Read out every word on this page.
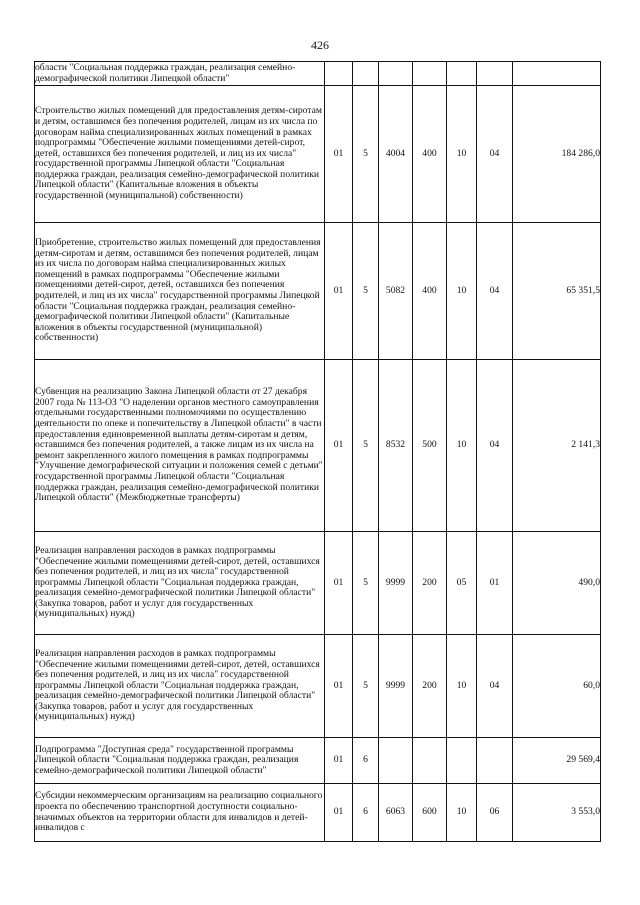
426
области "Социальная поддержка граждан, реализация семейно-демографической политики Липецкой области"							
Строительство жилых помещений для предоставления детям-сиротам и детям, оставшимся без попечения родителей, лицам из их числа по договорам найма специализированных жилых помещений в рамках подпрограммы "Обеспечение жилыми помещениями детей-сирот, детей, оставшихся без попечения родителей, и лиц из их числа" государственной программы Липецкой области "Социальная поддержка граждан, реализация семейно-демографической политики Липецкой области" (Капитальные вложения в объекты государственной (муниципальной) собственности)	01	5	4004	400	10	04	184 286,0
Приобретение, строительство жилых помещений для предоставления детям-сиротам и детям, оставшимся без попечения родителей, лицам из их числа по договорам найма специализированных жилых помещений в рамках подпрограммы "Обеспечение жилыми помещениями детей-сирот, детей, оставшихся без попечения родителей, и лиц из их числа" государственной программы Липецкой области "Социальная поддержка граждан, реализация семейно-демографической политики Липецкой области" (Капитальные вложения в объекты государственной (муниципальной) собственности)	01	5	5082	400	10	04	65 351,5
Субвенция на реализацию Закона Липецкой области от 27 декабря 2007 года № 113-ОЗ "О наделении органов местного самоуправления отдельными государственными полномочиями по осуществлению деятельности по опеке и попечительству в Липецкой области" в части предоставления единовременной выплаты детям-сиротам и детям, оставшимся без попечения родителей, а также лицам из их числа на ремонт закрепленного жилого помещения в рамках подпрограммы "Улучшение демографической ситуации и положения семей с детьми" государственной программы Липецкой области "Социальная поддержка граждан, реализация семейно-демографической политики Липецкой области" (Межбюджетные трансферты)	01	5	8532	500	10	04	2 141,3
Реализация направления расходов в рамках подпрограммы "Обеспечение жилыми помещениями детей-сирот, детей, оставшихся без попечения родителей, и лиц из их числа" государственной программы Липецкой области "Социальная поддержка граждан, реализация семейно-демографической политики Липецкой области" (Закупка товаров, работ и услуг для государственных (муниципальных) нужд)	01	5	9999	200	05	01	490,0
Реализация направления расходов в рамках подпрограммы "Обеспечение жилыми помещениями детей-сирот, детей, оставшихся без попечения родителей, и лиц из их числа" государственной программы Липецкой области "Социальная поддержка граждан, реализация семейно-демографической политики Липецкой области" (Закупка товаров, работ и услуг для государственных (муниципальных) нужд)	01	5	9999	200	10	04	60,0
Подпрограмма "Доступная среда" государственной программы Липецкой области "Социальная поддержка граждан, реализация семейно-демографической политики Липецкой области"	01	6					29 569,4
Субсидии некоммерческим организациям на реализацию социального проекта по обеспечению транспортной доступности социально-значимых объектов на территории области для инвалидов и детей-инвалидов с	01	6	6063	600	10	06	3 553,0
